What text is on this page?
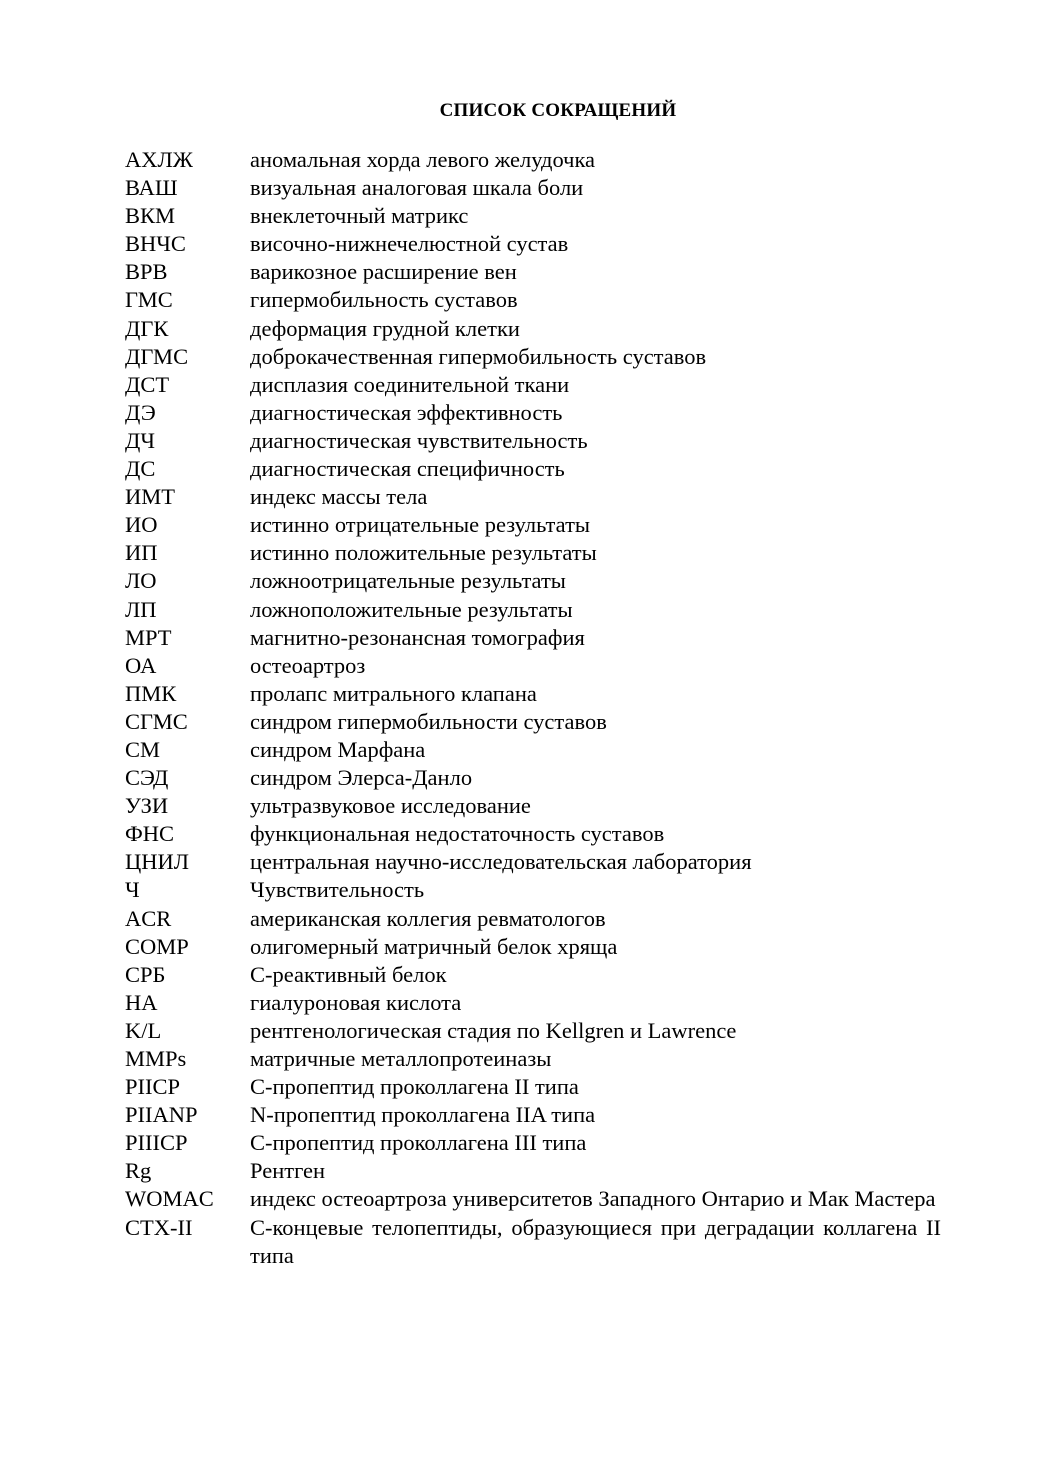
СПИСОК СОКРАЩЕНИЙ
АХЛЖ	аномальная хорда левого желудочка
ВАШ	визуальная аналоговая шкала боли
ВКМ	внеклеточный матрикс
ВНЧС	височно-нижнечелюстной сустав
ВРВ	варикозное расширение вен
ГМС	гипермобильность суставов
ДГК	деформация грудной клетки
ДГМС	доброкачественная гипермобильность суставов
ДСТ	дисплазия соединительной ткани
ДЭ	диагностическая эффективность
ДЧ	диагностическая чувствительность
ДС	диагностическая специфичность
ИМТ	индекс массы тела
ИО	истинно отрицательные результаты
ИП	истинно положительные результаты
ЛО	ложноотрицательные результаты
ЛП	ложноположительные результаты
МРТ	магнитно-резонансная томография
ОА	остеоартроз
ПМК	пролапс митрального клапана
СГМС	синдром гипермобильности суставов
СМ	синдром Марфана
СЭД	синдром Элерса-Данло
УЗИ	ультразвуковое исследование
ФНС	функциональная недостаточность суставов
ЦНИЛ	центральная научно-исследовательская лаборатория
Ч	Чувствительность
ACR	американская коллегия ревматологов
COMP	олигомерный матричный белок хряща
СРБ	С-реактивный белок
HA	гиалуроновая кислота
K/L	рентгенологическая стадия по Kellgren и Lawrence
MMPs	матричные металлопротеиназы
PIICP	С-пропептид проколлагена II типа
PIIANP	N-пропептид проколлагена IIA типа
PIIICP	С-пропептид проколлагена III типа
Rg	Рентген
WOMAC	индекс остеоартроза университетов Западного Онтарио и Мак Мастера
CTX-II	С-концевые телопептиды, образующиеся при деградации коллагена II типа
